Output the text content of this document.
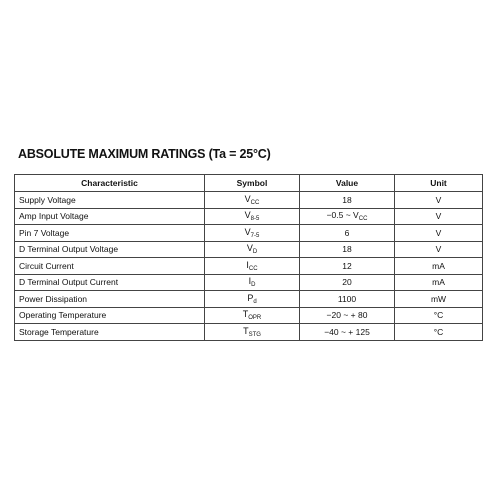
ABSOLUTE MAXIMUM RATINGS (Ta = 25°C)
Characteristic	Symbol	Value	Unit
Supply Voltage	$V_{CC}$	18	V
Amp Input Voltage	$V_{8-5}$	−0.5 ~ $V_{CC}$	V
Pin 7 Voltage	$V_{7-5}$	6	V
D Terminal Output Voltage	$V_D$	18	V
Circuit Current	$I_{CC}$	12	mA
D Terminal Output Current	$I_D$	20	mA
Power Dissipation	$P_d$	1100	mW
Operating Temperature	$T_{OPR}$	−20 ~ + 80	°C
Storage Temperature	$T_{STG}$	−40 ~ + 125	°C
